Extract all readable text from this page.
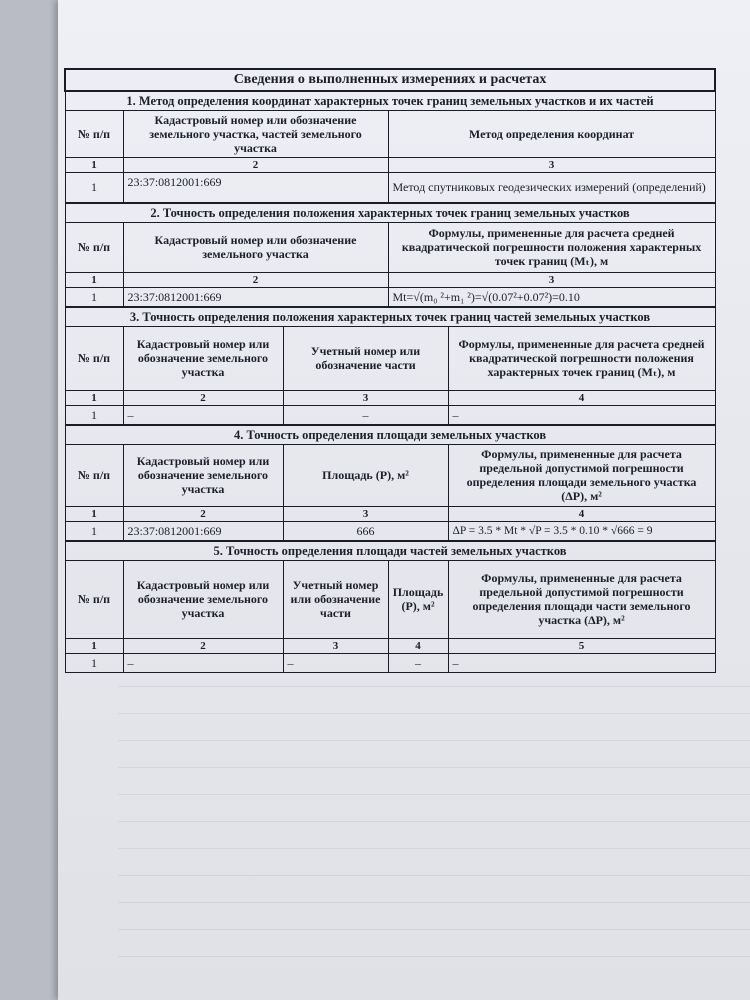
Сведения о выполненных измерениях и расчетах				
1. Метод определения координат характерных точек границ земельных участков и их частей				
№ п/п	Кадастровый номер или обозначение земельного участка, частей земельного участка		Метод определения координат	
1	2		3	
1	23:37:0812001:669		Метод спутниковых геодезических измерений (определений)	
2. Точность определения положения характерных точек границ земельных участков				
№ п/п	Кадастровый номер или обозначение земельного участка		Формулы, примененные для расчета средней квадратической погрешности положения характерных точек границ (Mₜ), м	
1	2		3	
1	23:37:0812001:669		Mt=√(m₀ ²+m₁ ²)=√(0.07²+0.07²)=0.10	
3. Точность определения положения характерных точек границ частей земельных участков				
№ п/п	Кадастровый номер или обозначение земельного участка	Учетный номер или обозначение части		Формулы, примененные для расчета средней квадратической погрешности положения характерных точек границ (Mₜ), м
1	2	3		4
1	–	–		–
4. Точность определения площади земельных участков				
№ п/п	Кадастровый номер или обозначение земельного участка	Площадь (P), м²		Формулы, примененные для расчета предельной допустимой погрешности определения площади земельного участка (ΔP), м²
1	2	3		4
1	23:37:0812001:669	666		ΔP = 3.5 * Mt * √P = 3.5 * 0.10 * √666 = 9
5. Точность определения площади частей земельных участков				
№ п/п	Кадастровый номер или обозначение земельного участка	Учетный номер или обозначение части	Площадь (P), м²	Формулы, примененные для расчета предельной допустимой погрешности определения площади части земельного участка (ΔP), м²
1	2	3	4	5
1	–	–	–	–
